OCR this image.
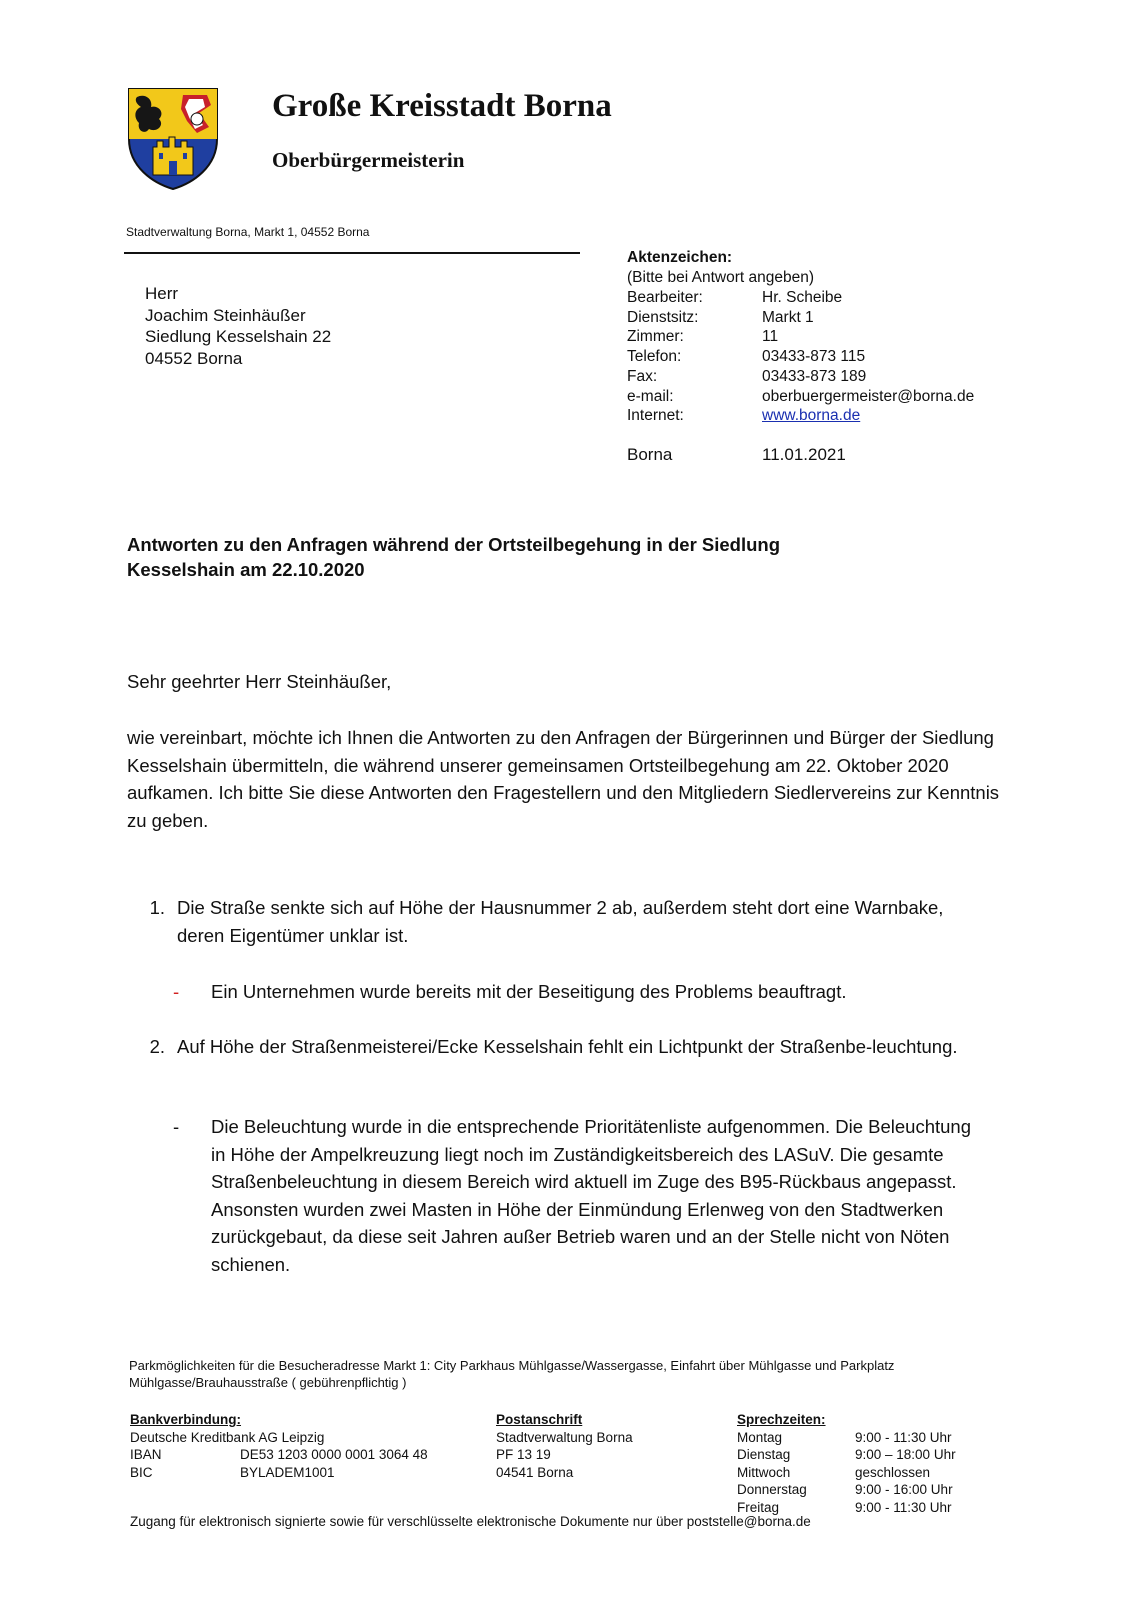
Große Kreisstadt Borna
Oberbürgermeisterin
Stadtverwaltung Borna, Markt 1, 04552 Borna
Herr
Joachim Steinhäußer
Siedlung Kesselshain 22
04552 Borna
Aktenzeichen:
(Bitte bei Antwort angeben)
Bearbeiter:	Hr. Scheibe
Dienstsitz:	Markt 1
Zimmer:	11
Telefon:	03433-873 115
Fax:	03433-873 189
e-mail:	oberbuergermeister@borna.de
Internet:	www.borna.de
Borna	11.01.2021
Antworten zu den Anfragen während der Ortsteilbegehung in der Siedlung Kesselshain am 22.10.2020
Sehr geehrter Herr Steinhäußer,
wie vereinbart, möchte ich Ihnen die Antworten zu den Anfragen der Bürgerinnen und Bürger der Siedlung Kesselshain übermitteln, die während unserer gemeinsamen Ortsteilbegehung am 22. Oktober 2020 aufkamen. Ich bitte Sie diese Antworten den Fragestellern und den Mitgliedern Siedlervereins zur Kenntnis zu geben.
1. Die Straße senkte sich auf Höhe der Hausnummer 2 ab, außerdem steht dort eine Warnbake, deren Eigentümer unklar ist.
-	Ein Unternehmen wurde bereits mit der Beseitigung des Problems beauftragt.
2. Auf Höhe der Straßenmeisterei/Ecke Kesselshain fehlt ein Lichtpunkt der Straßenbe-leuchtung.
-	Die Beleuchtung wurde in die entsprechende Prioritätenliste aufgenommen. Die Beleuchtung in Höhe der Ampelkreuzung liegt noch im Zuständigkeitsbereich des LASuV. Die gesamte Straßenbeleuchtung in diesem Bereich wird aktuell im Zuge des B95-Rückbaus angepasst. Ansonsten wurden zwei Masten in Höhe der Einmündung Erlenweg von den Stadtwerken zurückgebaut, da diese seit Jahren außer Betrieb waren und an der Stelle nicht von Nöten schienen.
Parkmöglichkeiten für die Besucheradresse Markt 1: City Parkhaus Mühlgasse/Wassergasse, Einfahrt über Mühlgasse und Parkplatz Mühlgasse/Brauhausstraße ( gebührenpflichtig )
Bankverbindung:
Deutsche Kreditbank AG Leipzig
IBAN	DE53 1203 0000 0001 3064 48
BIC	BYLADEM1001
Postanschrift
Stadtverwaltung Borna
PF 13 19
04541 Borna
Sprechzeiten:
Montag	9:00 - 11:30 Uhr
Dienstag	9:00 – 18:00 Uhr
Mittwoch	geschlossen
Donnerstag	9:00 - 16:00 Uhr
Freitag	9:00 - 11:30 Uhr
Zugang für elektronisch signierte sowie für verschlüsselte elektronische Dokumente nur über poststelle@borna.de
